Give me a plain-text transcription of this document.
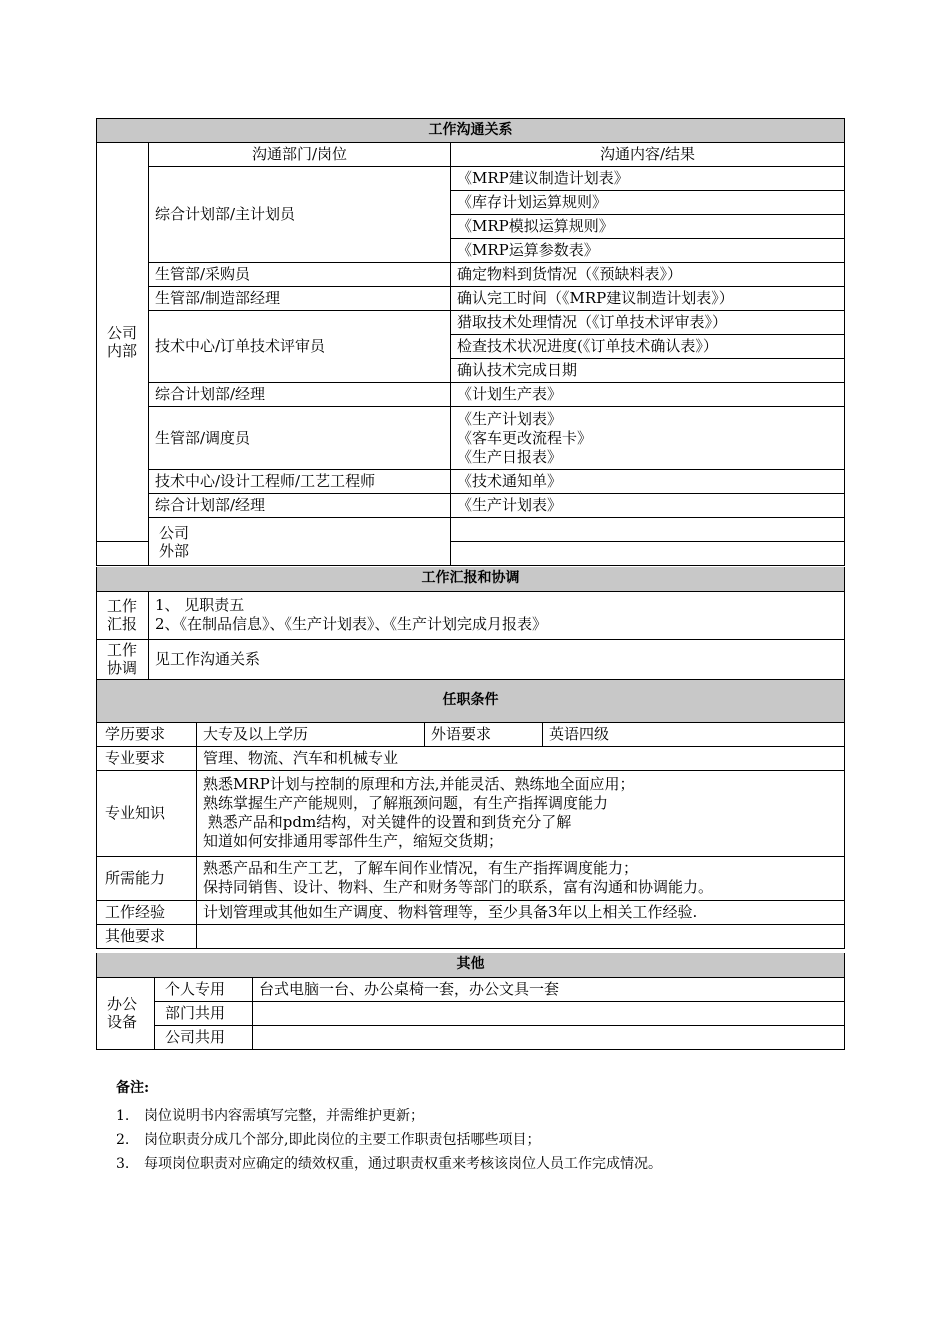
工作沟通关系			
公司内部	沟通部门/岗位	沟通内容/结果	
	综合计划部/主计划员	《MRP建议制造计划表》	
		《库存计划运算规则》	
		《MRP模拟运算规则》	
		《MRP运算参数表》	
	生管部/采购员	确定物料到货情况（《预缺料表》）	
	生管部/制造部经理	确认完工时间（《MRP建议制造计划表》）	
	技术中心/订单技术评审员	猎取技术处理情况（《订单技术评审表》）	
		检查技术状况进度(《订单技术确认表》）	
		确认技术完成日期	
	综合计划部/经理	《计划生产表》	
	生管部/调度员	《生产计划表》
《客车更改流程卡》
《生产日报表》	
	技术中心/设计工程师/工艺工程师	《技术通知单》	
	综合计划部/经理	《生产计划表》	
	公司外部		

工作汇报和协调	
工作汇报	1、 见职责五
2、《在制品信息》、《生产计划表》、《生产计划完成月报表》

工作协调	见工作沟通关系
任职条件			
学历要求	大专及以上学历	外语要求	英语四级
专业要求	管理、物流、汽车和机械专业		
专业知识	熟悉MRP计划与控制的原理和方法,并能灵活、熟练地全面应用；
熟练掌握生产产能规则，了解瓶颈问题，有生产指挥调度能力
熟悉产品和pdm结构，对关键件的设置和到货充分了解
知道如何安排通用零部件生产，缩短交货期；		
所需能力	熟悉产品和生产工艺，了解车间作业情况，有生产指挥调度能力；
保持同销售、设计、物料、生产和财务等部门的联系，富有沟通和协调能力。		
工作经验	计划管理或其他如生产调度、物料管理等，至少具备3年以上相关工作经验.		
其他要求			
其他		
办公设备	个人专用	台式电脑一台、办公桌椅一套，办公文具一套
	部门共用	
	公司共用	
备注:
1. 岗位说明书内容需填写完整，并需维护更新；
2. 岗位职责分成几个部分,即此岗位的主要工作职责包括哪些项目；
3. 每项岗位职责对应确定的绩效权重，通过职责权重来考核该岗位人员工作完成情况。
